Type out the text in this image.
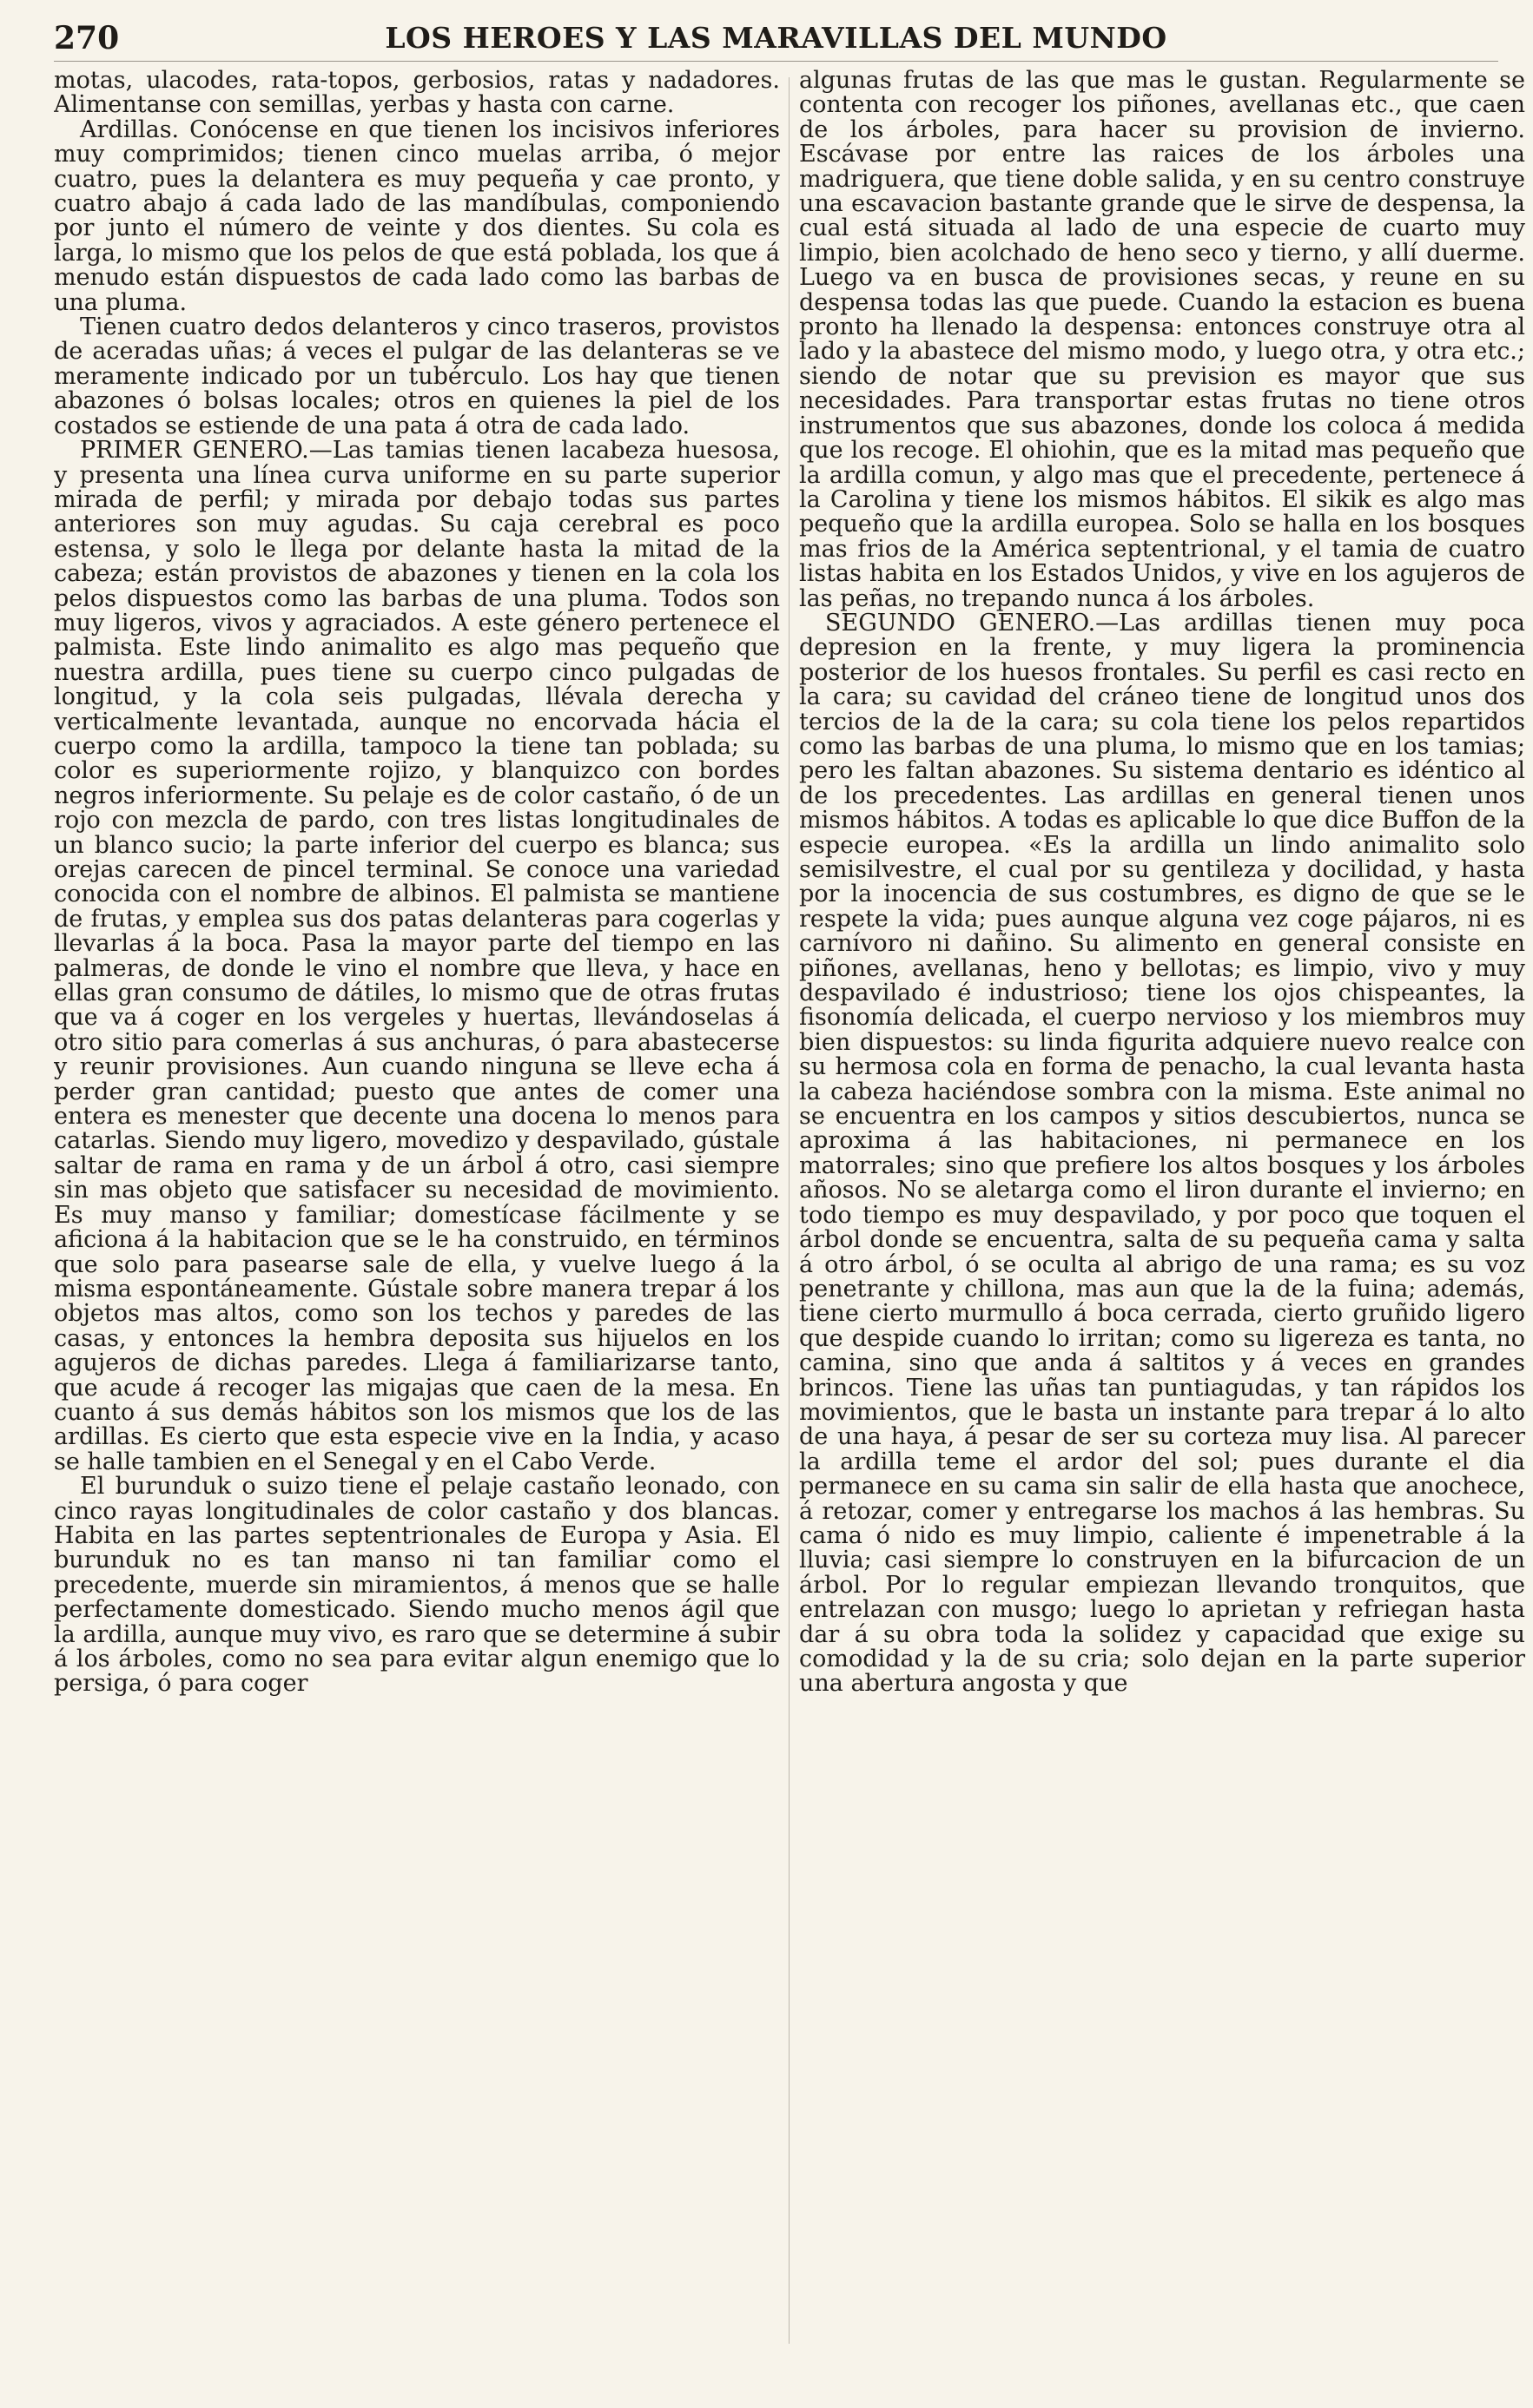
270	LOS HEROES Y LAS MARAVILLAS DEL MUNDO

motas, ulacodes, rata-topos, gerbosios, ratas y nadadores. Alimentanse con semillas, yerbas y hasta con carne.

Ardillas. Conócense en que tienen los incisivos inferiores muy comprimidos; tienen cinco muelas arriba, ó mejor cuatro, pues la delantera es muy pequeña y cae pronto, y cuatro abajo á cada lado de las mandíbulas, componiendo por junto el número de veinte y dos dientes. Su cola es larga, lo mismo que los pelos de que está poblada, los que á menudo están dispuestos de cada lado como las barbas de una pluma.

Tienen cuatro dedos delanteros y cinco traseros, provistos de aceradas uñas; á veces el pulgar de las delanteras se ve meramente indicado por un tubérculo. Los hay que tienen abazones ó bolsas locales; otros en quienes la piel de los costados se estiende de una pata á otra de cada lado.

PRIMER GENERO.—Las tamias tienen lacabeza huesosa, y presenta una línea curva uniforme en su parte superior mirada de perfil; y mirada por debajo todas sus partes anteriores son muy agudas. Su caja cerebral es poco estensa, y solo le llega por delante hasta la mitad de la cabeza; están provistos de abazones y tienen en la cola los pelos dispuestos como las barbas de una pluma. Todos son muy ligeros, vivos y agraciados. A este género pertenece el palmista. Este lindo animalito es algo mas pequeño que nuestra ardilla, pues tiene su cuerpo cinco pulgadas de longitud, y la cola seis pulgadas, llévala derecha y verticalmente levantada, aunque no encorvada hácia el cuerpo como la ardilla, tampoco la tiene tan poblada; su color es superiormente rojizo, y blanquizco con bordes negros inferiormente. Su pelaje es de color castaño, ó de un rojo con mezcla de pardo, con tres listas longitudinales de un blanco sucio; la parte inferior del cuerpo es blanca; sus orejas carecen de pincel terminal. Se conoce una variedad conocida con el nombre de albinos. El palmista se mantiene de frutas, y emplea sus dos patas delanteras para cogerlas y llevarlas á la boca. Pasa la mayor parte del tiempo en las palmeras, de donde le vino el nombre que lleva, y hace en ellas gran consumo de dátiles, lo mismo que de otras frutas que va á coger en los vergeles y huertas, llevándoselas á otro sitio para comerlas á sus anchuras, ó para abastecerse y reunir provisiones. Aun cuando ninguna se lleve echa á perder gran cantidad; puesto que antes de comer una entera es menester que decente una docena lo menos para catarlas. Siendo muy ligero, movedizo y despavilado, gústale saltar de rama en rama y de un árbol á otro, casi siempre sin mas objeto que satisfacer su necesidad de movimiento. Es muy manso y familiar; domestícase fácilmente y se aficiona á la habitacion que se le ha construido, en términos que solo para pasearse sale de ella, y vuelve luego á la misma espontáneamente. Gústale sobre manera trepar á los objetos mas altos, como son los techos y paredes de las casas, y entonces la hembra deposita sus hijuelos en los agujeros de dichas paredes. Llega á familiarizarse tanto, que acude á recoger las migajas que caen de la mesa. En cuanto á sus demás hábitos son los mismos que los de las ardillas. Es cierto que esta especie vive en la India, y acaso se halle tambien en el Senegal y en el Cabo Verde.

El burunduk o suizo tiene el pelaje castaño leonado, con cinco rayas longitudinales de color castaño y dos blancas. Habita en las partes septentrionales de Europa y Asia. El burunduk no es tan manso ni tan familiar como el precedente, muerde sin miramientos, á menos que se halle perfectamente domesticado. Siendo mucho menos ágil que la ardilla, aunque muy vivo, es raro que se determine á subir á los árboles, como no sea para evitar algun enemigo que lo persiga, ó para coger

algunas frutas de las que mas le gustan. Regularmente se contenta con recoger los piñones, avellanas etc., que caen de los árboles, para hacer su provision de invierno. Escávase por entre las raices de los árboles una madriguera, que tiene doble salida, y en su centro construye una escavacion bastante grande que le sirve de despensa, la cual está situada al lado de una especie de cuarto muy limpio, bien acolchado de heno seco y tierno, y allí duerme. Luego va en busca de provisiones secas, y reune en su despensa todas las que puede. Cuando la estacion es buena pronto ha llenado la despensa: entonces construye otra al lado y la abastece del mismo modo, y luego otra, y otra etc.; siendo de notar que su prevision es mayor que sus necesidades. Para transportar estas frutas no tiene otros instrumentos que sus abazones, donde los coloca á medida que los recoge. El ohiohin, que es la mitad mas pequeño que la ardilla comun, y algo mas que el precedente, pertenece á la Carolina y tiene los mismos hábitos. El sikik es algo mas pequeño que la ardilla europea. Solo se halla en los bosques mas frios de la América septentrional, y el tamia de cuatro listas habita en los Estados Unidos, y vive en los agujeros de las peñas, no trepando nunca á los árboles.

SEGUNDO GENERO.—Las ardillas tienen muy poca depresion en la frente, y muy ligera la prominencia posterior de los huesos frontales. Su perfil es casi recto en la cara; su cavidad del cráneo tiene de longitud unos dos tercios de la de la cara; su cola tiene los pelos repartidos como las barbas de una pluma, lo mismo que en los tamias; pero les faltan abazones. Su sistema dentario es idéntico al de los precedentes. Las ardillas en general tienen unos mismos hábitos. A todas es aplicable lo que dice Buffon de la especie europea. «Es la ardilla un lindo animalito solo semisilvestre, el cual por su gentileza y docilidad, y hasta por la inocencia de sus costumbres, es digno de que se le respete la vida; pues aunque alguna vez coge pájaros, ni es carnívoro ni dañino. Su alimento en general consiste en piñones, avellanas, heno y bellotas; es limpio, vivo y muy despavilado é industrioso; tiene los ojos chispeantes, la fisonomía delicada, el cuerpo nervioso y los miembros muy bien dispuestos: su linda figurita adquiere nuevo realce con su hermosa cola en forma de penacho, la cual levanta hasta la cabeza haciéndose sombra con la misma. Este animal no se encuentra en los campos y sitios descubiertos, nunca se aproxima á las habitaciones, ni permanece en los matorrales; sino que prefiere los altos bosques y los árboles añosos. No se aletarga como el liron durante el invierno; en todo tiempo es muy despavilado, y por poco que toquen el árbol donde se encuentra, salta de su pequeña cama y salta á otro árbol, ó se oculta al abrigo de una rama; es su voz penetrante y chillona, mas aun que la de la fuina; además, tiene cierto murmullo á boca cerrada, cierto gruñido ligero que despide cuando lo irritan; como su ligereza es tanta, no camina, sino que anda á saltitos y á veces en grandes brincos. Tiene las uñas tan puntiagudas, y tan rápidos los movimientos, que le basta un instante para trepar á lo alto de una haya, á pesar de ser su corteza muy lisa. Al parecer la ardilla teme el ardor del sol; pues durante el dia permanece en su cama sin salir de ella hasta que anochece, á retozar, comer y entregarse los machos á las hembras. Su cama ó nido es muy limpio, caliente é impenetrable á la lluvia; casi siempre lo construyen en la bifurcacion de un árbol. Por lo regular empiezan llevando tronquitos, que entrelazan con musgo; luego lo aprietan y refriegan hasta dar á su obra toda la solidez y capacidad que exige su comodidad y la de su cria; solo dejan en la parte superior una abertura angosta y que
